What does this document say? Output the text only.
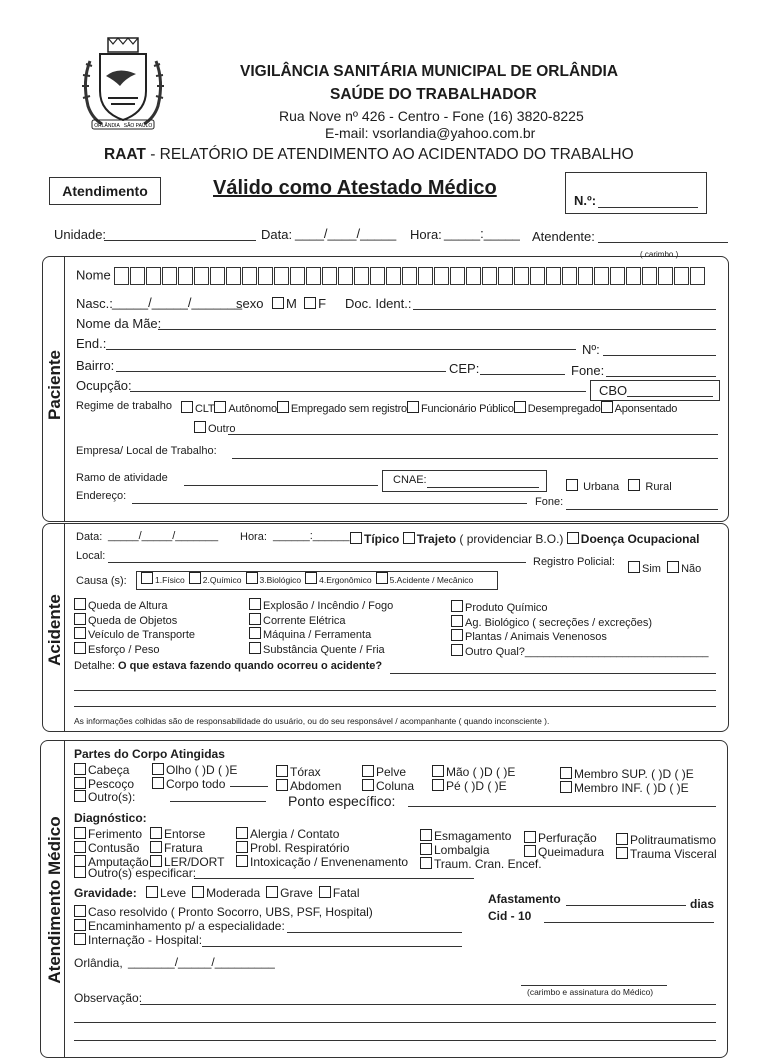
ORLÂNDIA SÃO PAULO
VIGILÂNCIA SANITÁRIA MUNICIPAL DE ORLÂNDIA
SAÚDE DO TRABALHADOR
Rua Nove nº 426 - Centro - Fone (16) 3820-8225
E-mail: vsorlandia@yahoo.com.br
RAAT - RELATÓRIO DE ATENDIMENTO AO ACIDENTADO DO TRABALHO
Atendimento	Válido como Atestado Médico
N.º:
Unidade:	Data: ____/____/_____ Hora: _____:_____ Atendente:
( carimbo )
Paciente
Nome
Nasc.: _____/_____/_______
sexo	M F Doc. Ident.:
Nome da Mãe:
End.:	Nº:
Bairro:	CEP:	Fone:
Ocupção:	CBO
Regime de trabalho	CLT Autônomo Empregado sem registro Funcionário Público Desempregado Aponsentado
Outro
Empresa/ Local de Trabalho:
Ramo de atividade	CNAE:
Urbana Rural
Endereço:	Fone:
Acidente
Data: _____/_____/_______ Hora: ______:______	Típico Trajeto ( providenciar B.O.) Doença Ocupacional
Local:	Registro Policial:
Sim Não
Causa (s):	1.Físico 2.Químico 3.Biológico 4.Ergonômico 5.Acidente / Mecânico
Queda de Altura
Queda de Objetos
Veículo de Transporte
Esforço / Peso
Explosão / Incêndio / Fogo
Corrente Elétrica
Máquina / Ferramenta
Substância Quente / Fria
Produto Químico
Ag. Biológico ( secreções / excreções)
Plantas / Animais Venenosos
Outro Qual?______________________________
Detalhe: O que estava fazendo quando ocorreu o acidente?
As informações colhidas são de responsabilidade do usuário, ou do seu responsável / acompanhante ( quando inconsciente ).
Atendimento Médico
Partes do Corpo Atingidas
Cabeça
Pescoço
Outro(s):
Olho ( )D ( )E
Corpo todo
Tórax
Abdomen
Pelve
Coluna
Mão ( )D ( )E
Pé ( )D ( )E
Membro SUP. ( )D ( )E
Membro INF. ( )D ( )E
Ponto específico:
Diagnóstico:
Ferimento
Contusão
Amputação
Entorse
Fratura
LER/DORT
Alergia / Contato
Probl. Respiratório
Intoxicação / Envenenamento
Esmagamento
Lombalgia
Traum. Cran. Encef.
Perfuração
Queimadura
Politraumatismo
Trauma Visceral
Outro(s) especificar:
Gravidade: Leve Moderada Grave Fatal
Caso resolvido ( Pronto Socorro, UBS, PSF, Hospital)
Encaminhamento p/ a especialidade:
Internação - Hospital:
Afastamento	dias
Cid - 10
Orlândia, _______/_____/_________
(carimbo e assinatura do Médico)
Observação:
